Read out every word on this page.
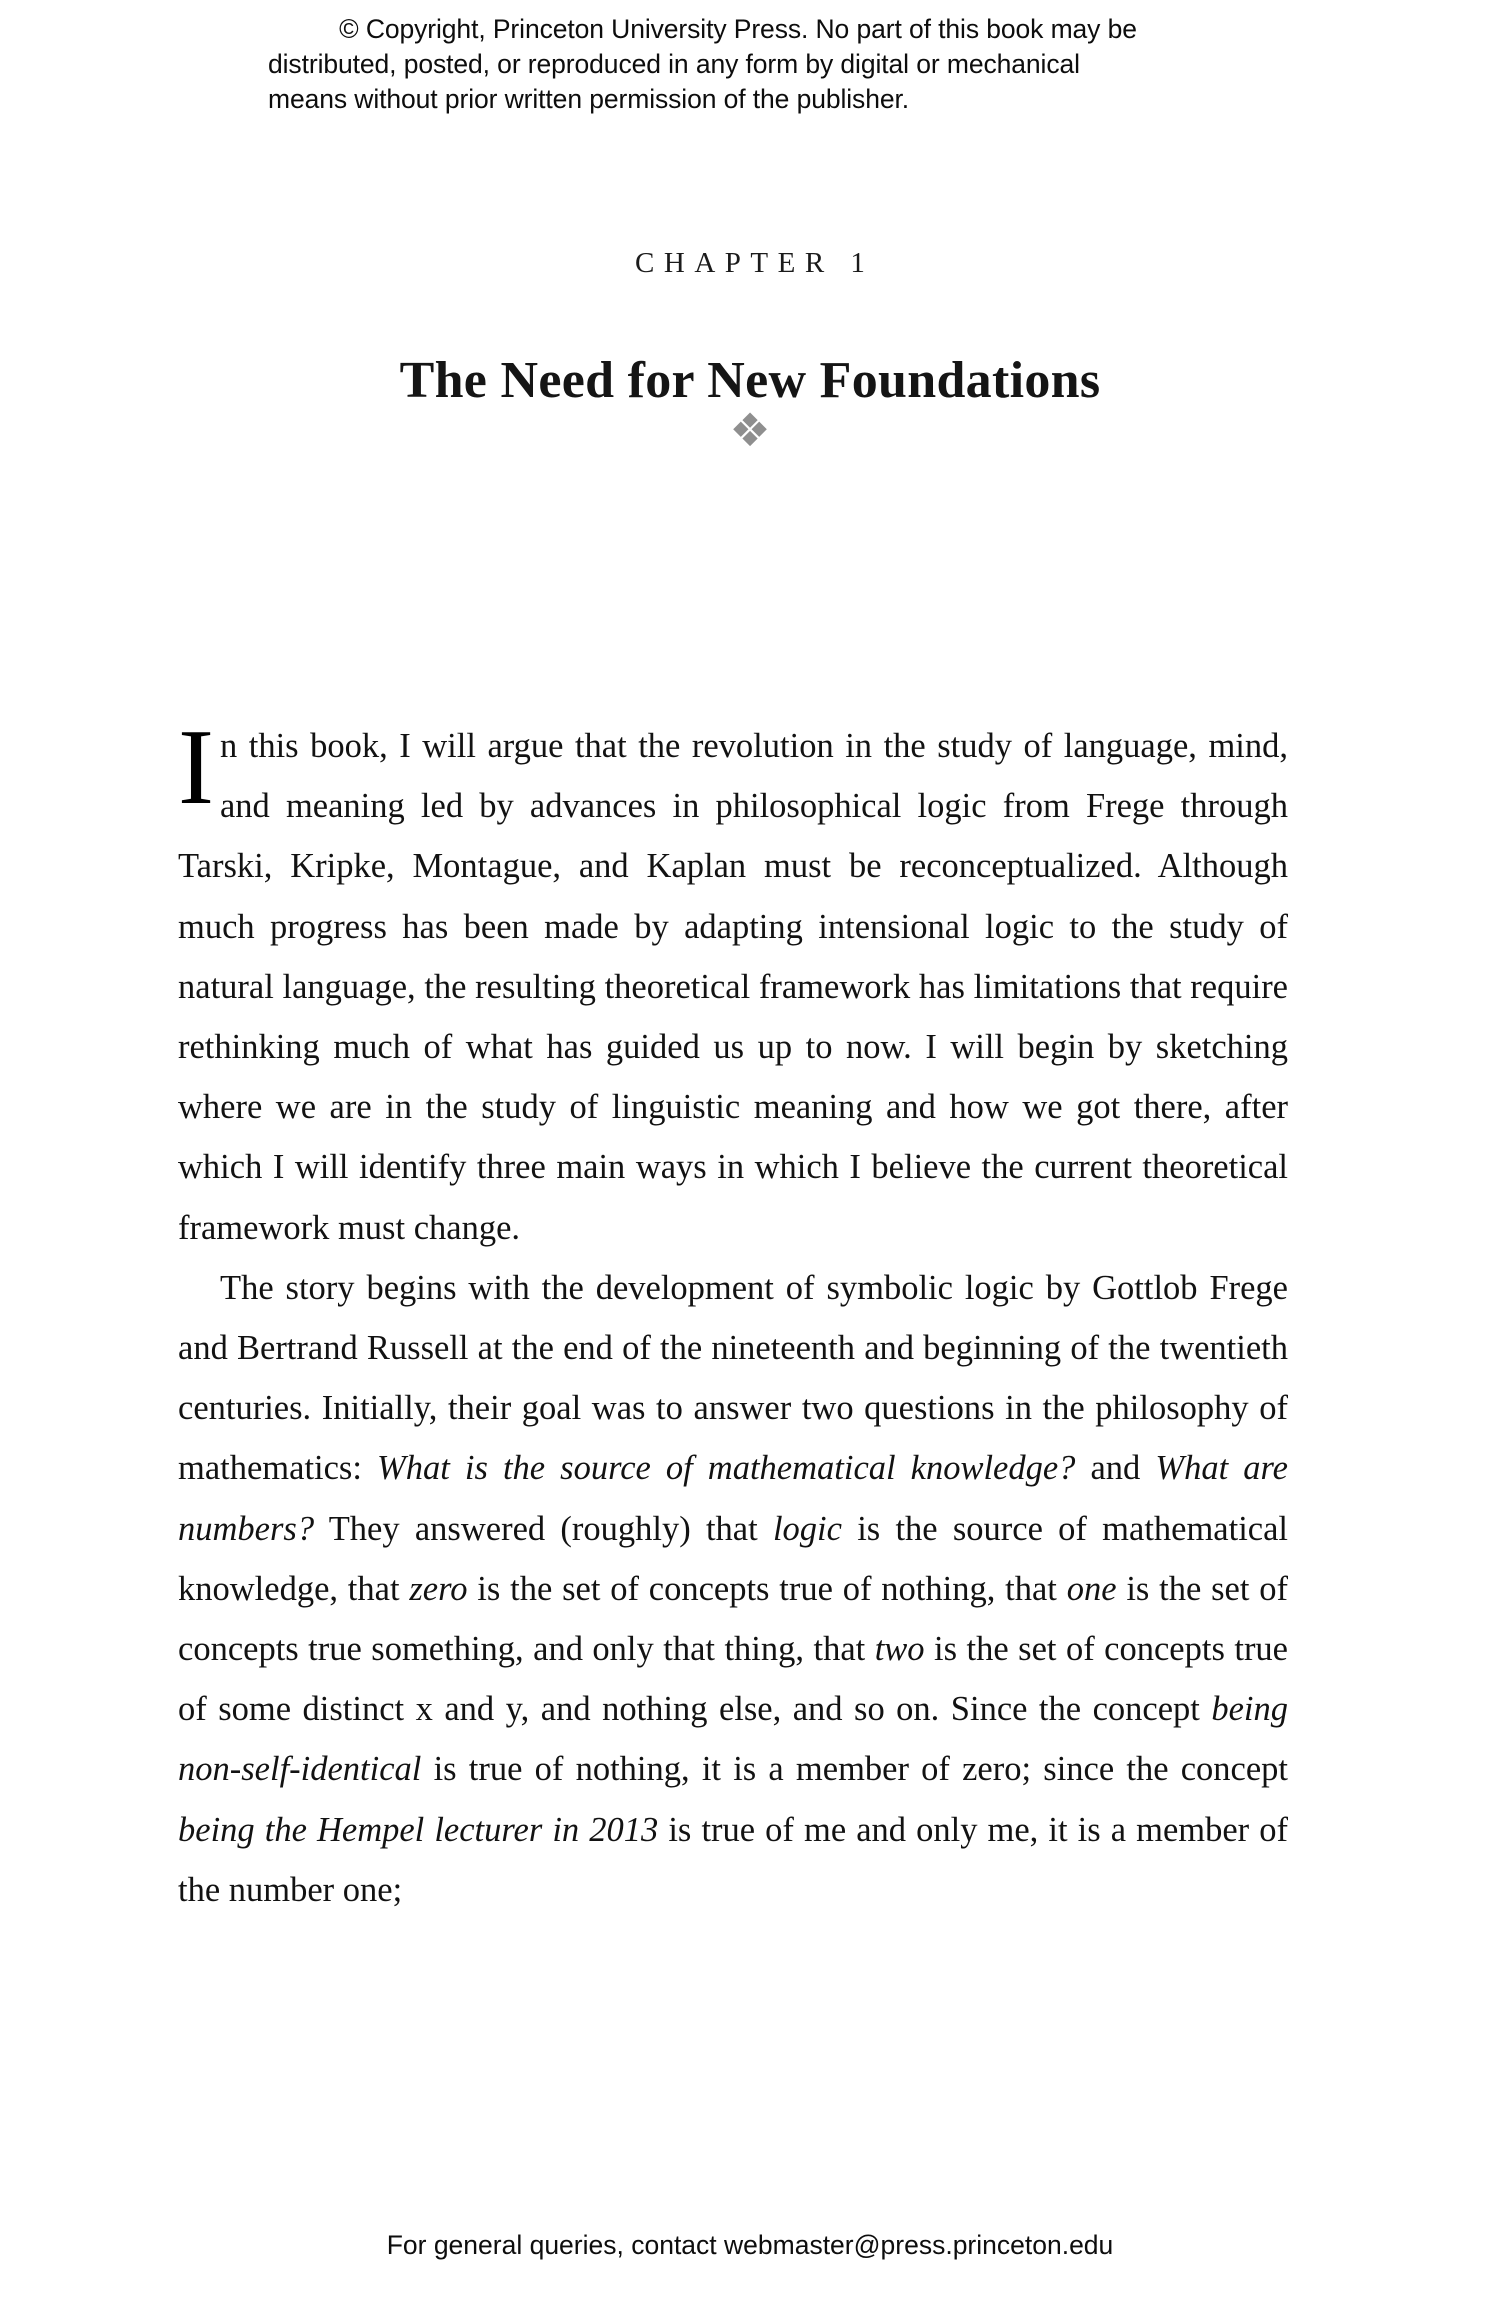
© Copyright, Princeton University Press. No part of this book may be
distributed, posted, or reproduced in any form by digital or mechanical
means without prior written permission of the publisher.
CHAPTER 1
The Need for New Foundations
❖

In this book, I will argue that the revolution in the study of language, mind, and meaning led by advances in philosophical logic from Frege through Tarski, Kripke, Montague, and Kaplan must be reconceptualized. Although much progress has been made by adapting intensional logic to the study of natural language, the resulting theoretical framework has limitations that require rethinking much of what has guided us up to now. I will begin by sketching where we are in the study of linguistic meaning and how we got there, after which I will identify three main ways in which I believe the current theoretical framework must change.

The story begins with the development of symbolic logic by Gottlob Frege and Bertrand Russell at the end of the nineteenth and beginning of the twentieth centuries. Initially, their goal was to answer two questions in the philosophy of mathematics: What is the source of mathematical knowledge? and What are numbers? They answered (roughly) that logic is the source of mathematical knowledge, that zero is the set of concepts true of nothing, that one is the set of concepts true something, and only that thing, that two is the set of concepts true of some distinct x and y, and nothing else, and so on. Since the concept being non-self-identical is true of nothing, it is a member of zero; since the concept being the Hempel lecturer in 2013 is true of me and only me, it is a member of the number one;

For general queries, contact webmaster@press.princeton.edu
